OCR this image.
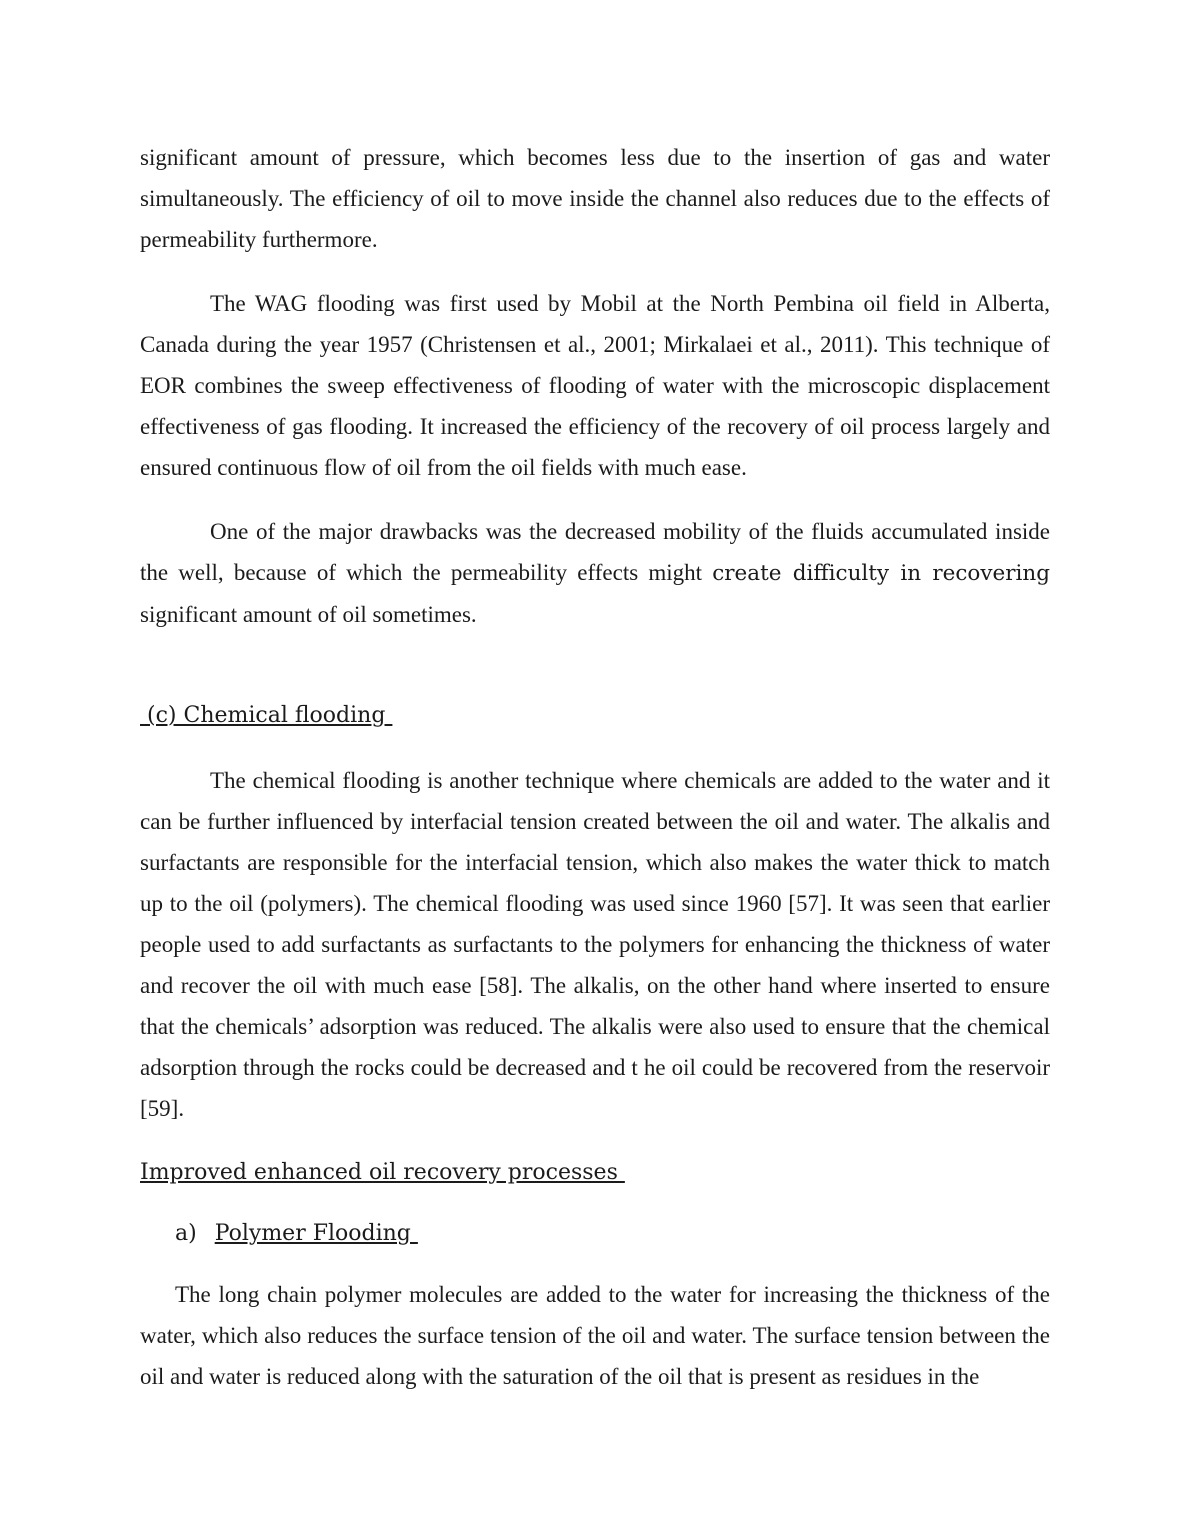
significant amount of pressure, which becomes less due to the insertion of gas and water simultaneously. The efficiency of oil to move inside the channel also reduces due to the effects of permeability furthermore.

The WAG flooding was first used by Mobil at the North Pembina oil field in Alberta, Canada during the year 1957 (Christensen et al., 2001; Mirkalaei et al., 2011). This technique of EOR combines the sweep effectiveness of flooding of water with the microscopic displacement effectiveness of gas flooding. It increased the efficiency of the recovery of oil process largely and ensured continuous flow of oil from the oil fields with much ease.

One of the major drawbacks was the decreased mobility of the fluids accumulated inside the well, because of which the permeability effects might create difficulty in recovering significant amount of oil sometimes.

(c) Chemical flooding

The chemical flooding is another technique where chemicals are added to the water and it can be further influenced by interfacial tension created between the oil and water. The alkalis and surfactants are responsible for the interfacial tension, which also makes the water thick to match up to the oil (polymers). The chemical flooding was used since 1960 [57]. It was seen that earlier people used to add surfactants as surfactants to the polymers for enhancing the thickness of water and recover the oil with much ease [58]. The alkalis, on the other hand where inserted to ensure that the chemicals’ adsorption was reduced. The alkalis were also used to ensure that the chemical adsorption through the rocks could be decreased and t he oil could be recovered from the reservoir [59].

Improved enhanced oil recovery processes
a) Polymer Flooding

The long chain polymer molecules are added to the water for increasing the thickness of the water, which also reduces the surface tension of the oil and water. The surface tension between the oil and water is reduced along with the saturation of the oil that is present as residues in the
